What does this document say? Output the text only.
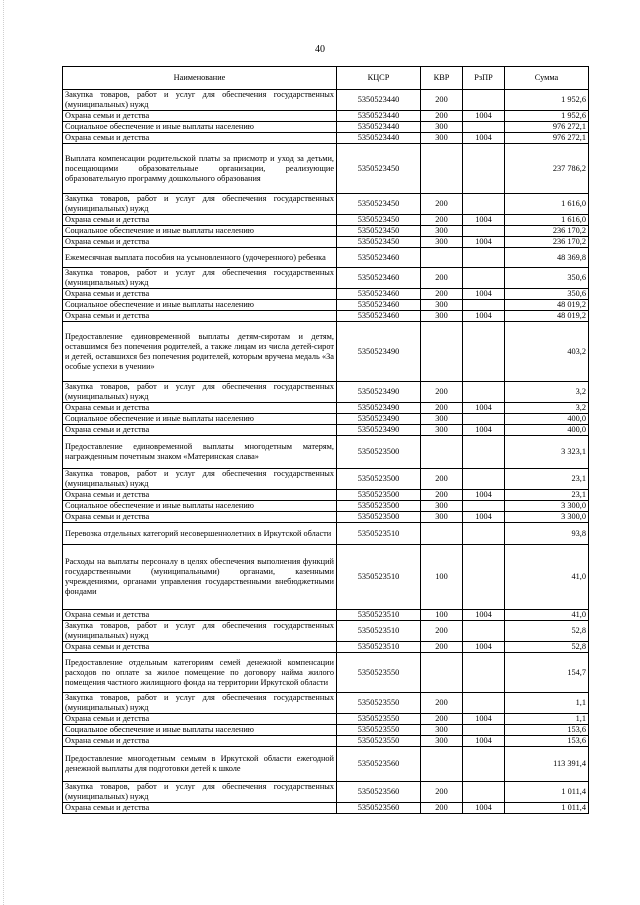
40
Наименование	КЦСР	КВР	РзПР	Сумма
Закупка товаров, работ и услуг для обеспечения государственных (муниципальных) нужд	5350523440	200		1 952,6
Охрана семьи и детства	5350523440	200	1004	1 952,6
Социальное обеспечение и иные выплаты населению	5350523440	300		976 272,1
Охрана семьи и детства	5350523440	300	1004	976 272,1
Выплата компенсации родительской платы за присмотр и уход за детьми, посещающими образовательные организации, реализующие образовательную программу дошкольного образования	5350523450			237 786,2
Закупка товаров, работ и услуг для обеспечения государственных (муниципальных) нужд	5350523450	200		1 616,0
Охрана семьи и детства	5350523450	200	1004	1 616,0
Социальное обеспечение и иные выплаты населению	5350523450	300		236 170,2
Охрана семьи и детства	5350523450	300	1004	236 170,2
Ежемесячная выплата пособия на усыновленного (удочеренного) ребенка	5350523460			48 369,8
Закупка товаров, работ и услуг для обеспечения государственных (муниципальных) нужд	5350523460	200		350,6
Охрана семьи и детства	5350523460	200	1004	350,6
Социальное обеспечение и иные выплаты населению	5350523460	300		48 019,2
Охрана семьи и детства	5350523460	300	1004	48 019,2
Предоставление единовременной выплаты детям-сиротам и детям, оставшимся без попечения родителей, а также лицам из числа детей-сирот и детей, оставшихся без попечения родителей, которым вручена медаль «За особые успехи в учении»	5350523490			403,2
Закупка товаров, работ и услуг для обеспечения государственных (муниципальных) нужд	5350523490	200		3,2
Охрана семьи и детства	5350523490	200	1004	3,2
Социальное обеспечение и иные выплаты населению	5350523490	300		400,0
Охрана семьи и детства	5350523490	300	1004	400,0
Предоставление единовременной выплаты многодетным матерям, награжденным почетным знаком «Материнская слава»	5350523500			3 323,1
Закупка товаров, работ и услуг для обеспечения государственных (муниципальных) нужд	5350523500	200		23,1
Охрана семьи и детства	5350523500	200	1004	23,1
Социальное обеспечение и иные выплаты населению	5350523500	300		3 300,0
Охрана семьи и детства	5350523500	300	1004	3 300,0
Перевозка отдельных категорий несовершеннолетних в Иркутской области	5350523510			93,8
Расходы на выплаты персоналу в целях обеспечения выполнения функций государственными (муниципальными) органами, казенными учреждениями, органами управления государственными внебюджетными фондами	5350523510	100		41,0
Охрана семьи и детства	5350523510	100	1004	41,0
Закупка товаров, работ и услуг для обеспечения государственных (муниципальных) нужд	5350523510	200		52,8
Охрана семьи и детства	5350523510	200	1004	52,8
Предоставление отдельным категориям семей денежной компенсации расходов по оплате за жилое помещение по договору найма жилого помещения частного жилищного фонда на территории Иркутской области	5350523550			154,7
Закупка товаров, работ и услуг для обеспечения государственных (муниципальных) нужд	5350523550	200		1,1
Охрана семьи и детства	5350523550	200	1004	1,1
Социальное обеспечение и иные выплаты населению	5350523550	300		153,6
Охрана семьи и детства	5350523550	300	1004	153,6
Предоставление многодетным семьям в Иркутской области ежегодной денежной выплаты для подготовки детей к школе	5350523560			113 391,4
Закупка товаров, работ и услуг для обеспечения государственных (муниципальных) нужд	5350523560	200		1 011,4
Охрана семьи и детства	5350523560	200	1004	1 011,4
